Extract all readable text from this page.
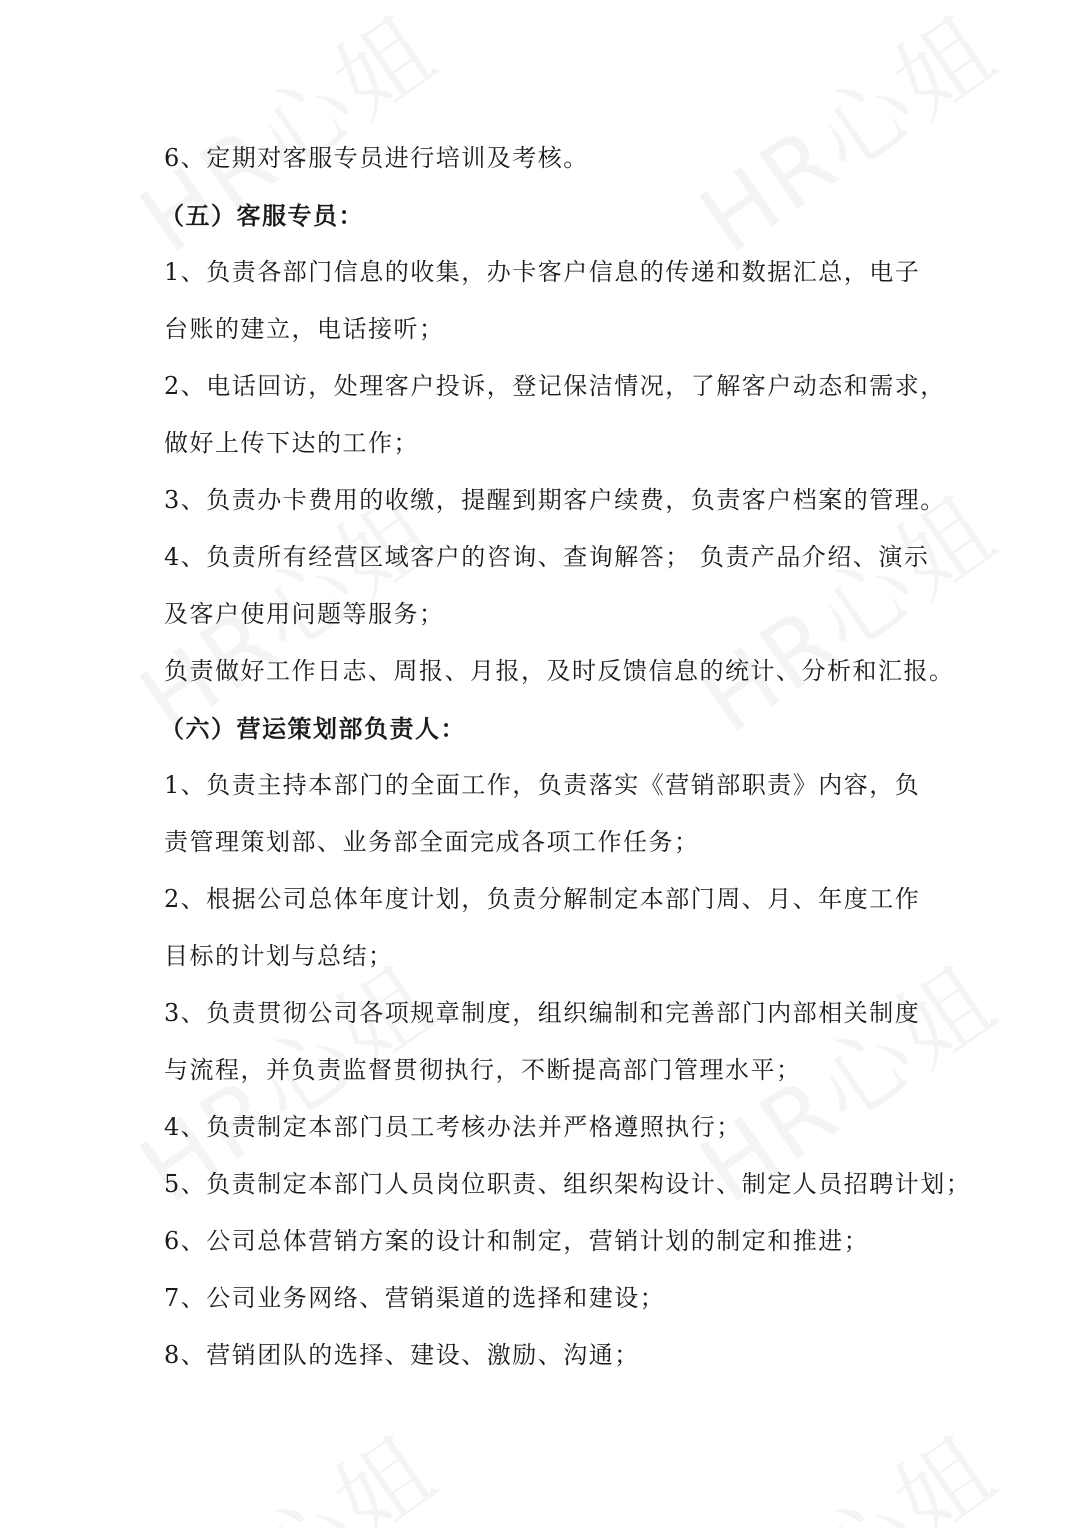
6、定期对客服专员进行培训及考核。
（五）客服专员：
1、负责各部门信息的收集，办卡客户信息的传递和数据汇总，电子
台账的建立，电话接听；
2、电话回访，处理客户投诉，登记保洁情况，了解客户动态和需求，
做好上传下达的工作；
3、负责办卡费用的收缴，提醒到期客户续费，负责客户档案的管理。
4、负责所有经营区域客户的咨询、查询解答； 负责产品介绍、演示
及客户使用问题等服务；
负责做好工作日志、周报、月报，及时反馈信息的统计、分析和汇报。
（六）营运策划部负责人：
1、负责主持本部门的全面工作，负责落实《营销部职责》内容，负
责管理策划部、业务部全面完成各项工作任务；
2、根据公司总体年度计划，负责分解制定本部门周、月、年度工作
目标的计划与总结；
3、负责贯彻公司各项规章制度，组织编制和完善部门内部相关制度
与流程，并负责监督贯彻执行，不断提高部门管理水平；
4、负责制定本部门员工考核办法并严格遵照执行；
5、负责制定本部门人员岗位职责、组织架构设计、制定人员招聘计划；
6、公司总体营销方案的设计和制定，营销计划的制定和推进；
7、公司业务网络、营销渠道的选择和建设；
8、营销团队的选择、建设、激励、沟通；
